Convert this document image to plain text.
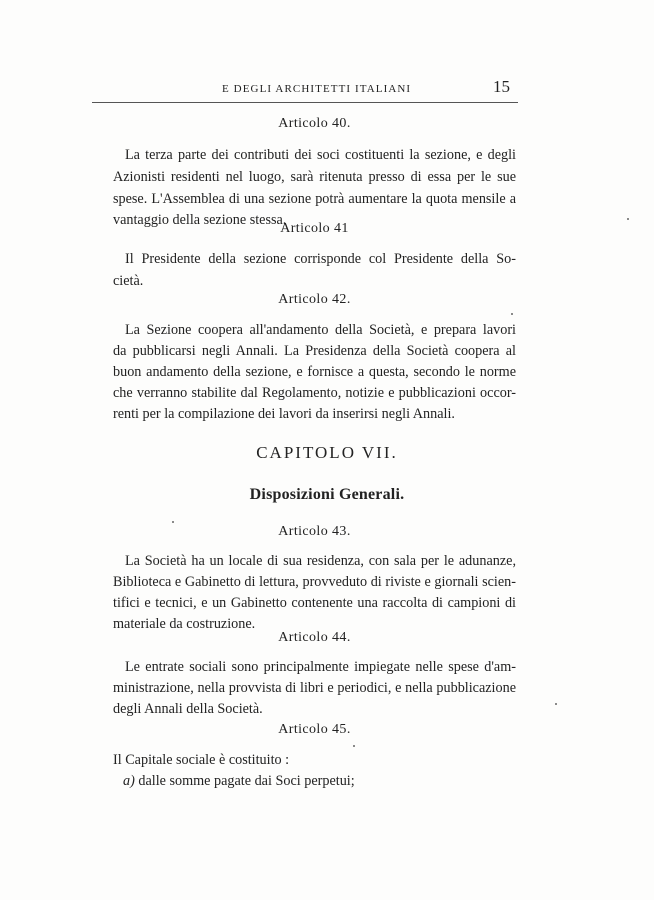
E DEGLI ARCHITETTI ITALIANI	15
Articolo 40.
La terza parte dei contributi dei soci costituenti la sezione, e degli
Azionisti residenti nel luogo, sarà ritenuta presso di essa per le sue
spese. L'Assemblea di una sezione potrà aumentare la quota mensile a
vantaggio della sezione stessa.
Articolo 41
Il Presidente della sezione corrisponde col Presidente della So-
cietà.
Articolo 42.
La Sezione coopera all'andamento della Società, e prepara lavori
da pubblicarsi negli Annali. La Presidenza della Società coopera al
buon andamento della sezione, e fornisce a questa, secondo le norme
che verranno stabilite dal Regolamento, notizie e pubblicazioni occor-
renti per la compilazione dei lavori da inserirsi negli Annali.
CAPITOLO VII.
Disposizioni Generali.
Articolo 43.
La Società ha un locale di sua residenza, con sala per le adunanze,
Biblioteca e Gabinetto di lettura, provveduto di riviste e giornali scien-
tifici e tecnici, e un Gabinetto contenente una raccolta di campioni di
materiale da costruzione.
Articolo 44.
Le entrate sociali sono principalmente impiegate nelle spese d'am-
ministrazione, nella provvista di libri e periodici, e nella pubblicazione
degli Annali della Società.
Articolo 45.
Il Capitale sociale è costituito :
a) dalle somme pagate dai Soci perpetui;
